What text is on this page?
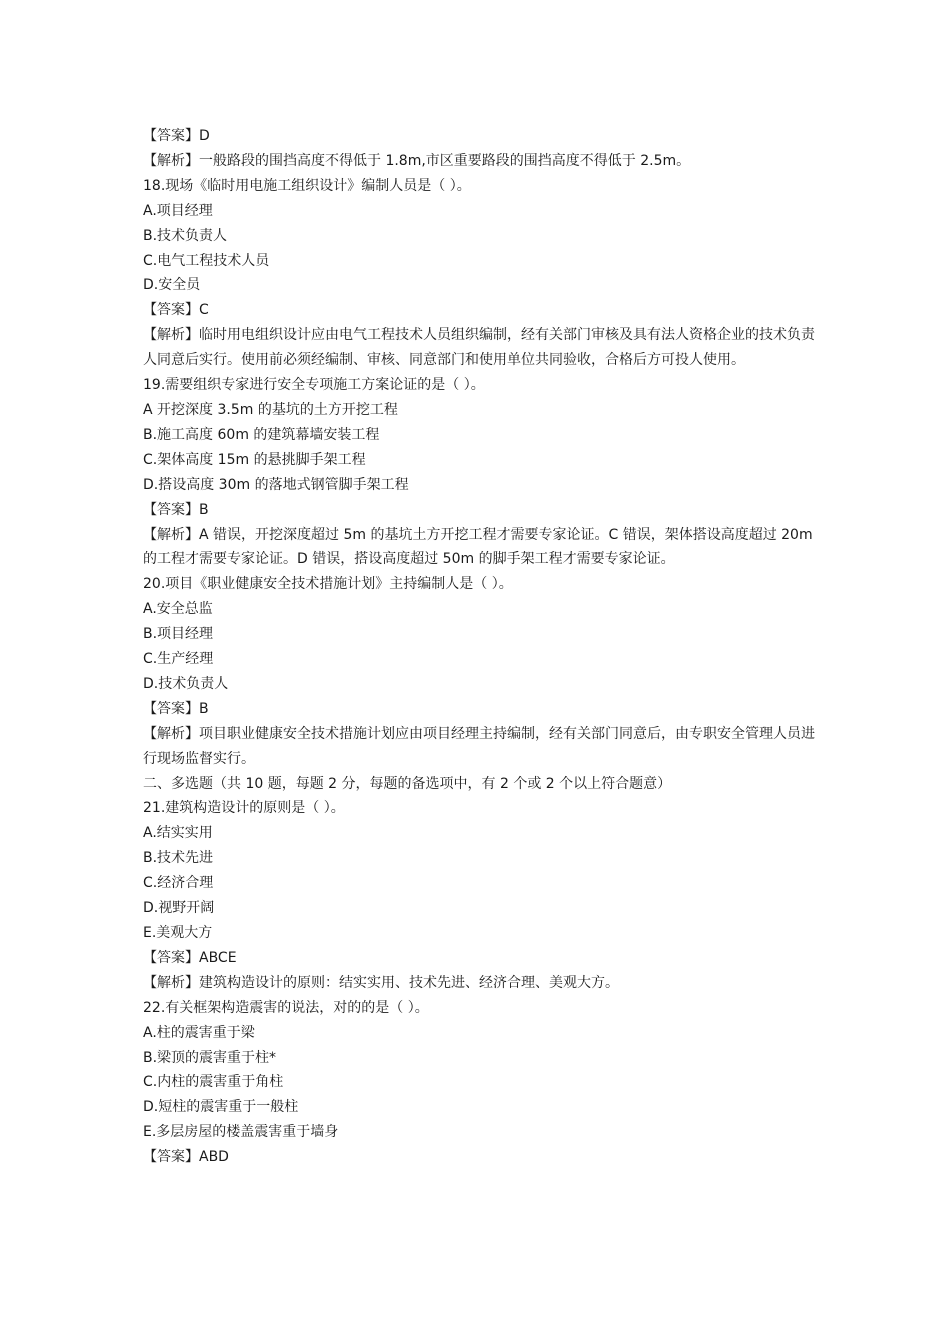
【答案】D
【解析】一般路段的围挡高度不得低于 1.8m,市区重要路段的围挡高度不得低于 2.5m。
18.现场《临时用电施工组织设计》编制人员是（ ）。
A.项目经理
B.技术负责人
C.电气工程技术人员
D.安全员
【答案】C
【解析】临时用电组织设计应由电气工程技术人员组织编制，经有关部门审核及具有法人资格企业的技术负责人同意后实行。使用前必须经编制、审核、同意部门和使用单位共同验收，合格后方可投人使用。
19.需要组织专家进行安全专项施工方案论证的是（ ）。
A 开挖深度 3.5m 的基坑的土方开挖工程
B.施工高度 60m 的建筑幕墙安装工程
C.架体高度 15m 的悬挑脚手架工程
D.搭设高度 30m 的落地式钢管脚手架工程
【答案】B
【解析】A 错误，开挖深度超过 5m 的基坑土方开挖工程才需要专家论证。C 错误，架体搭设高度超过 20m 的工程才需要专家论证。D 错误，搭设高度超过 50m 的脚手架工程才需要专家论证。
20.项目《职业健康安全技术措施计划》主持编制人是（ ）。
A.安全总监
B.项目经理
C.生产经理
D.技术负责人
【答案】B
【解析】项目职业健康安全技术措施计划应由项目经理主持编制，经有关部门同意后，由专职安全管理人员进行现场监督实行。
二、多选题（共 10 题，每题 2 分，每题的备选项中，有 2 个或 2 个以上符合题意）
21.建筑构造设计的原则是（ ）。
A.结实实用
B.技术先进
C.经济合理
D.视野开阔
E.美观大方
【答案】ABCE
【解析】建筑构造设计的原则：结实实用、技术先进、经济合理、美观大方。
22.有关框架构造震害的说法，对的的是（ ）。
A.柱的震害重于梁
B.梁顶的震害重于柱*
C.内柱的震害重于角柱
D.短柱的震害重于一般柱
E.多层房屋的楼盖震害重于墙身
【答案】ABD
